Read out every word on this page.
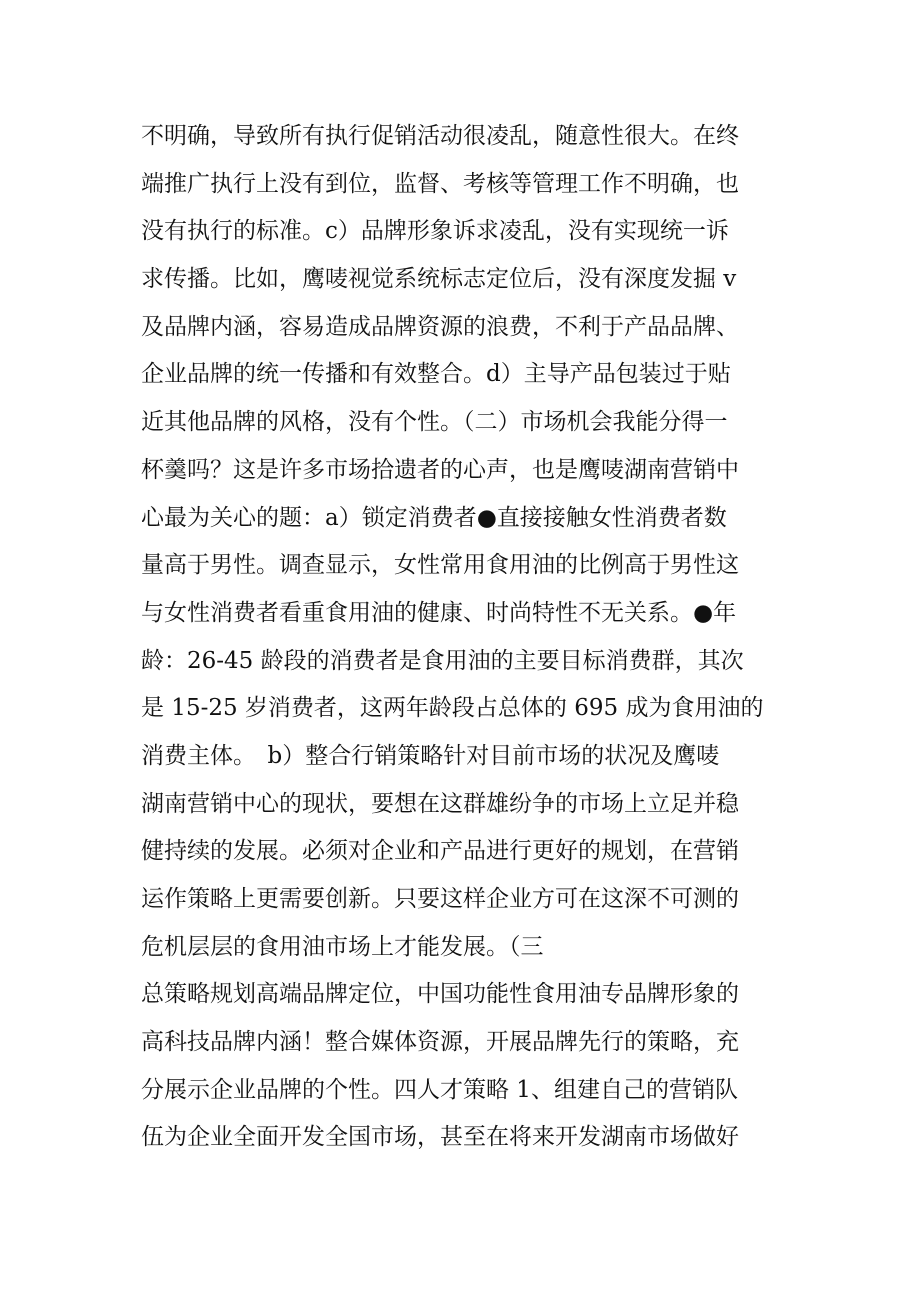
不明确，导致所有执行促销活动很凌乱，随意性很大。在终
端推广执行上没有到位，监督、考核等管理工作不明确，也
没有执行的标准。c）品牌形象诉求凌乱，没有实现统一诉
求传播。比如，鹰唛视觉系统标志定位后，没有深度发掘 v
及品牌内涵，容易造成品牌资源的浪费，不利于产品品牌、
企业品牌的统一传播和有效整合。d）主导产品包装过于贴
近其他品牌的风格，没有个性。（二）市场机会我能分得一
杯羹吗？这是许多市场拾遗者的心声，也是鹰唛湖南营销中
心最为关心的题：a）锁定消费者●直接接触女性消费者数
量高于男性。调查显示，女性常用食用油的比例高于男性这
与女性消费者看重食用油的健康、时尚特性不无关系。●年
龄：26-45 龄段的消费者是食用油的主要目标消费群，其次
是 15-25 岁消费者，这两年龄段占总体的 695 成为食用油的
消费主体。　b）整合行销策略针对目前市场的状况及鹰唛
湖南营销中心的现状，要想在这群雄纷争的市场上立足并稳
健持续的发展。必须对企业和产品进行更好的规划，在营销
运作策略上更需要创新。只要这样企业方可在这深不可测的
危机层层的食用油市场上才能发展。（三
总策略规划高端品牌定位，中国功能性食用油专品牌形象的
高科技品牌内涵！整合媒体资源，开展品牌先行的策略，充
分展示企业品牌的个性。四人才策略 1、组建自己的营销队
伍为企业全面开发全国市场，甚至在将来开发湖南市场做好
